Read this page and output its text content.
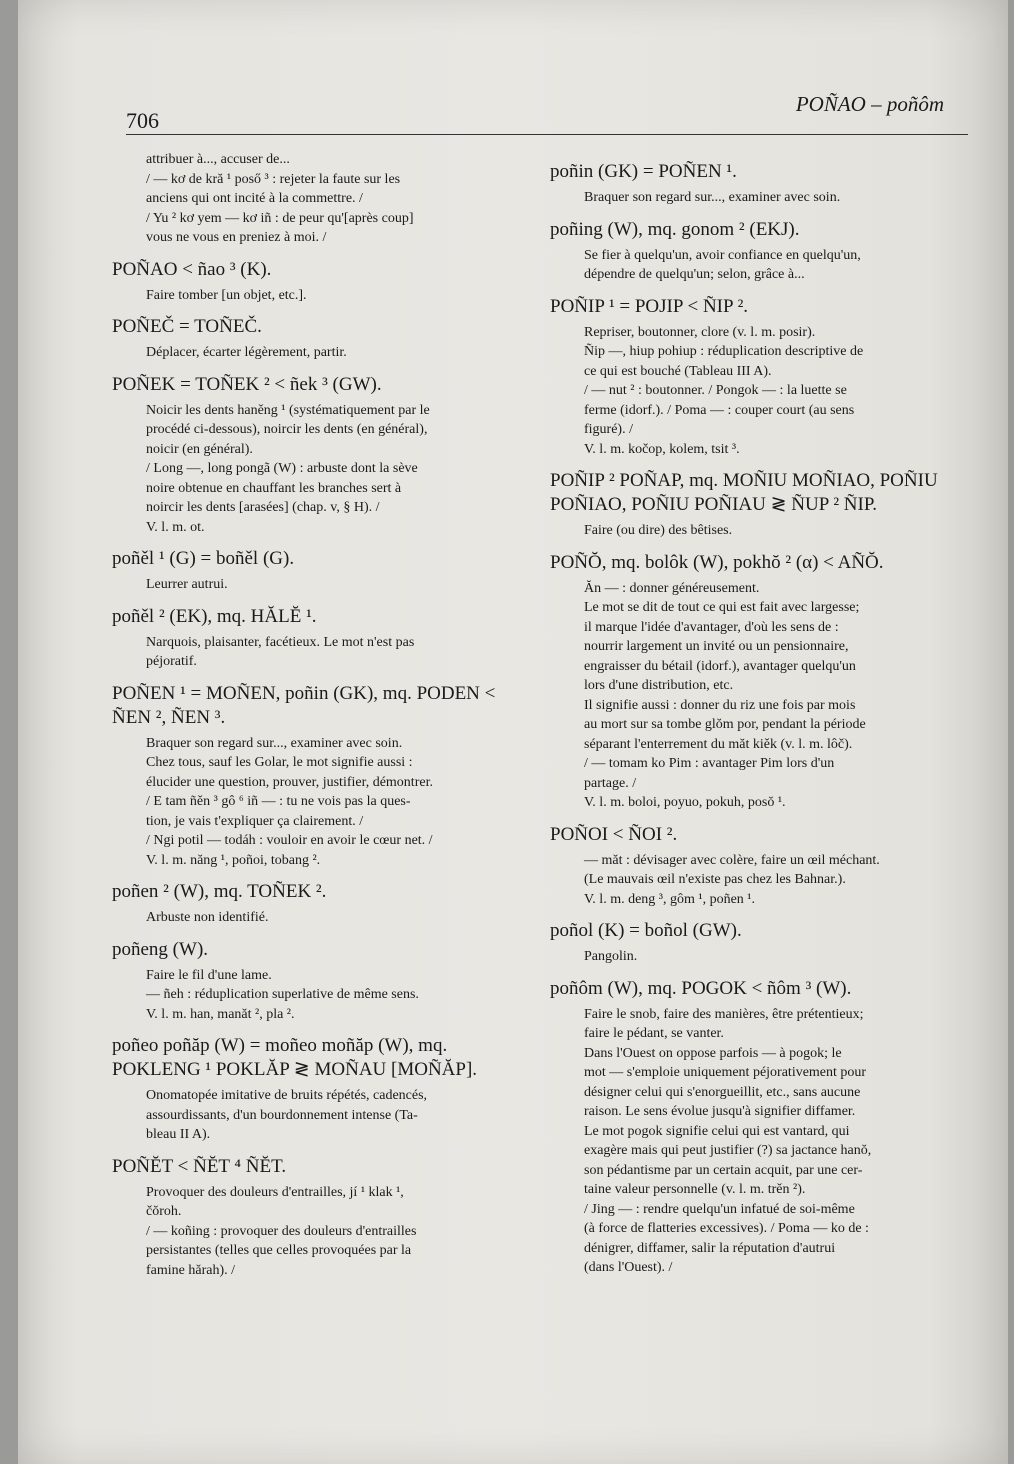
706
POÑAO – poñôm
attribuer à..., accuser de...
/ — kơ de kră ¹ poső ³ : rejeter la faute sur les
anciens qui ont incité à la commettre. /
/ Yu ² kơ yem — kơ iñ : de peur qu'[après coup]
vous ne vous en preniez à moi. /
POÑAO < ñao ³ (K).
Faire tomber [un objet, etc.].
POÑEČ = TOÑEČ.
Déplacer, écarter légèrement, partir.
POÑEK = TOÑEK ² < ñek ³ (GW).
Noicir les dents haněng ¹ (systématiquement par le
procédé ci-dessous), noircir les dents (en général),
noicir (en général).
/ Long —, long pongã (W) : arbuste dont la sève
noire obtenue en chauffant les branches sert à
noircir les dents [arasées] (chap. v, § H). /
V. l. m. ot.
poñěl ¹ (G) = boñěl (G).
Leurrer autrui.
poñěl ² (EK), mq. HĂLĔ ¹.
Narquois, plaisanter, facétieux. Le mot n'est pas
péjoratif.
POÑEN ¹ = MOÑEN, poñin (GK), mq. PODEN < ÑEN ², ÑEN ³.
Braquer son regard sur..., examiner avec soin.
Chez tous, sauf les Golar, le mot signifie aussi :
élucider une question, prouver, justifier, démontrer.
/ E tam ñěn ³ gô ⁶ iñ — : tu ne vois pas la ques-
tion, je vais t'expliquer ça clairement. /
/ Ngi potil — todáh : vouloir en avoir le cœur net. /
V. l. m. năng ¹, poñoi, tobang ².
poñen ² (W), mq. TOÑEK ².
Arbuste non identifié.
poñeng (W).
Faire le fil d'une lame.
— ñeh : réduplication superlative de même sens.
V. l. m. han, manăt ², pla ².
poñeo poñăp (W) = moñeo moñăp (W), mq. POKLENG ¹ POKLĂP ≷ MOÑAU [MOÑĂP].
Onomatopée imitative de bruits répétés, cadencés,
assourdissants, d'un bourdonnement intense (Ta-
bleau II A).
POÑĔT < ÑĔT ⁴ ÑĔT.
Provoquer des douleurs d'entrailles, jí ¹ klak ¹,
čŏroh.
/ — koñing : provoquer des douleurs d'entrailles
persistantes (telles que celles provoquées par la
famine hărah). /
poñin (GK) = POÑEN ¹.
Braquer son regard sur..., examiner avec soin.
poñing (W), mq. gonom ² (EKJ).
Se fier à quelqu'un, avoir confiance en quelqu'un,
dépendre de quelqu'un; selon, grâce à...
POÑIP ¹ = POJIP < ÑIP ².
Repriser, boutonner, clore (v. l. m. posir).
Ñip —, hiup pohiup : réduplication descriptive de
ce qui est bouché (Tableau III A).
/ — nut ² : boutonner. / Pongok — : la luette se
ferme (idorf.). / Poma — : couper court (au sens
figuré). /
V. l. m. kočop, kolem, tsit ³.
POÑIP ² POÑAP, mq. MOÑIU MOÑIAO, POÑIU POÑIAO, POÑIU POÑIAU ≷ ÑUP ² ÑIP.
Faire (ou dire) des bêtises.
POÑŎ, mq. bolôk (W), pokhŏ ² (α) < AÑŎ.
Ăn — : donner généreusement.
Le mot se dit de tout ce qui est fait avec largesse;
il marque l'idée d'avantager, d'où les sens de :
nourrir largement un invité ou un pensionnaire,
engraisser du bétail (idorf.), avantager quelqu'un
lors d'une distribution, etc.
Il signifie aussi : donner du riz une fois par mois
au mort sur sa tombe glŏm por, pendant la période
séparant l'enterrement du măt kiěk (v. l. m. lôč).
/ — tomam ko Pim : avantager Pim lors d'un
partage. /
V. l. m. boloi, poyuo, pokuh, posŏ ¹.
POÑOI < ÑOI ².
— măt : dévisager avec colère, faire un œil méchant.
(Le mauvais œil n'existe pas chez les Bahnar.).
V. l. m. deng ³, gôm ¹, poñen ¹.
poñol (K) = boñol (GW).
Pangolin.
poñôm (W), mq. POGOK < ñôm ³ (W).
Faire le snob, faire des manières, être prétentieux;
faire le pédant, se vanter.
Dans l'Ouest on oppose parfois — à pogok; le
mot — s'emploie uniquement péjorativement pour
désigner celui qui s'enorgueillit, etc., sans aucune
raison. Le sens évolue jusqu'à signifier diffamer.
Le mot pogok signifie celui qui est vantard, qui
exagère mais qui peut justifier (?) sa jactance hanŏ,
son pédantisme par un certain acquit, par une cer-
taine valeur personnelle (v. l. m. trěn ²).
/ Jing — : rendre quelqu'un infatué de soi-même
(à force de flatteries excessives). / Poma — ko de :
dénigrer, diffamer, salir la réputation d'autrui
(dans l'Ouest). /
